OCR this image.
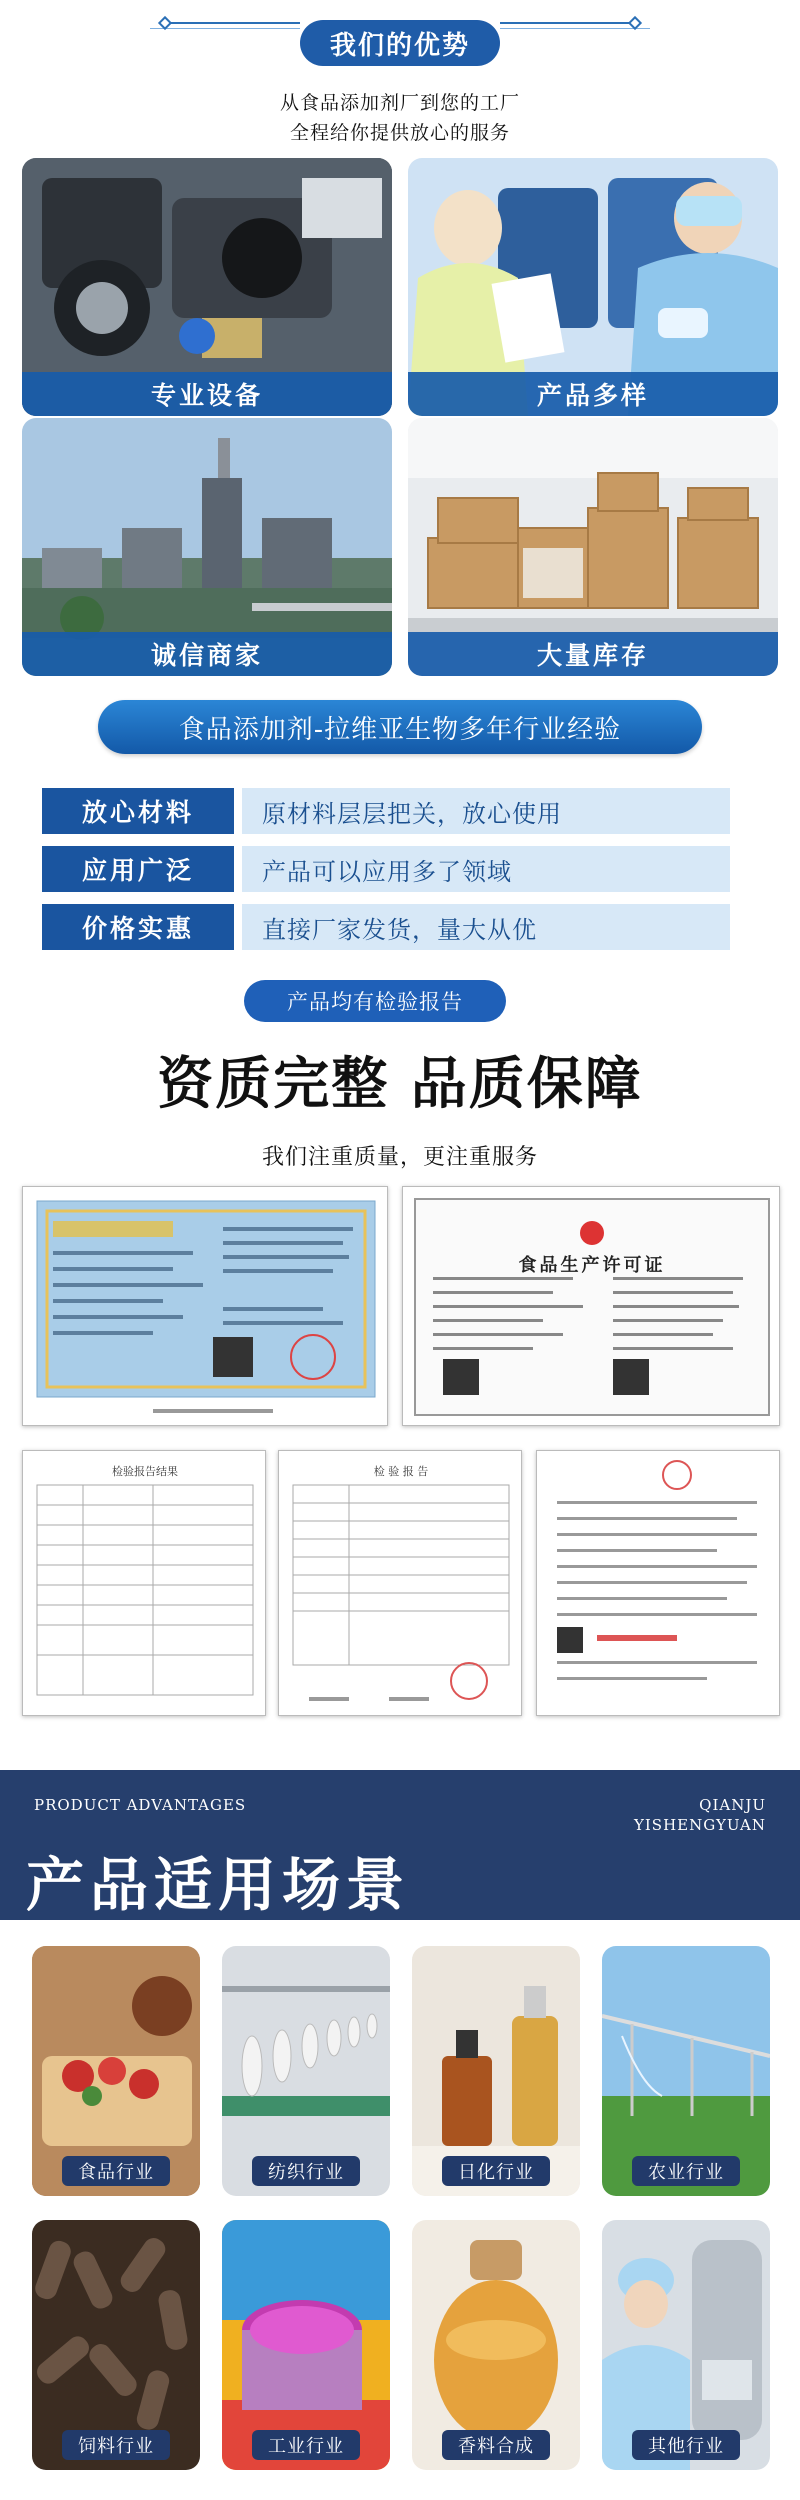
我们的优势
从食品添加剂厂到您的工厂
全程给你提供放心的服务
专业设备	产品多样
诚信商家	大量库存
食品添加剂-拉维亚生物多年行业经验
放心材料	原材料层层把关，放心使用
应用广泛	产品可以应用多了领域
价格实惠	直接厂家发货，量大从优
产品均有检验报告
资质完整 品质保障
我们注重质量，更注重服务
食品生产许可证
检验报告结果	检 验 报 告
PRODUCT ADVANTAGES	QIANJU
YISHENGYUAN
产品适用场景
食品行业	纺织行业	日化行业	农业行业
饲料行业	工业行业	香料合成	其他行业
